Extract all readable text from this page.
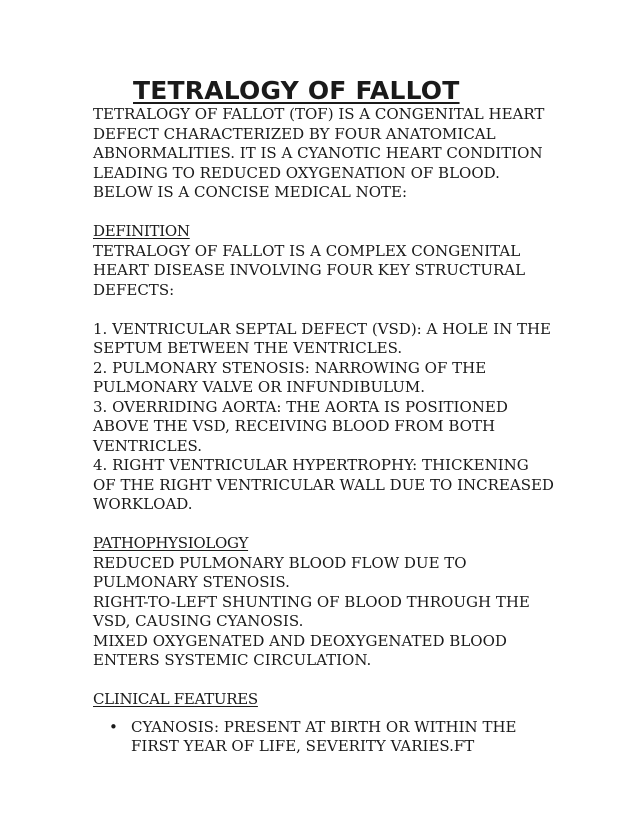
TETRALOGY OF FALLOT
TETRALOGY OF FALLOT (TOF) IS A CONGENITAL HEART
DEFECT CHARACTERIZED BY FOUR ANATOMICAL
ABNORMALITIES. IT IS A CYANOTIC HEART CONDITION
LEADING TO REDUCED OXYGENATION OF BLOOD.
BELOW IS A CONCISE MEDICAL NOTE:
DEFINITION
TETRALOGY OF FALLOT IS A COMPLEX CONGENITAL
HEART DISEASE INVOLVING FOUR KEY STRUCTURAL
DEFECTS:
1. VENTRICULAR SEPTAL DEFECT (VSD): A HOLE IN THE
SEPTUM BETWEEN THE VENTRICLES.
2. PULMONARY STENOSIS: NARROWING OF THE
PULMONARY VALVE OR INFUNDIBULUM.
3. OVERRIDING AORTA: THE AORTA IS POSITIONED
ABOVE THE VSD, RECEIVING BLOOD FROM BOTH
VENTRICLES.
4. RIGHT VENTRICULAR HYPERTROPHY: THICKENING
OF THE RIGHT VENTRICULAR WALL DUE TO INCREASED
WORKLOAD.
PATHOPHYSIOLOGY
REDUCED PULMONARY BLOOD FLOW DUE TO
PULMONARY STENOSIS.
RIGHT-TO-LEFT SHUNTING OF BLOOD THROUGH THE
VSD, CAUSING CYANOSIS.
MIXED OXYGENATED AND DEOXYGENATED BLOOD
ENTERS SYSTEMIC CIRCULATION.
CLINICAL FEATURES
• CYANOSIS: PRESENT AT BIRTH OR WITHIN THE
FIRST YEAR OF LIFE, SEVERITY VARIES.FT
